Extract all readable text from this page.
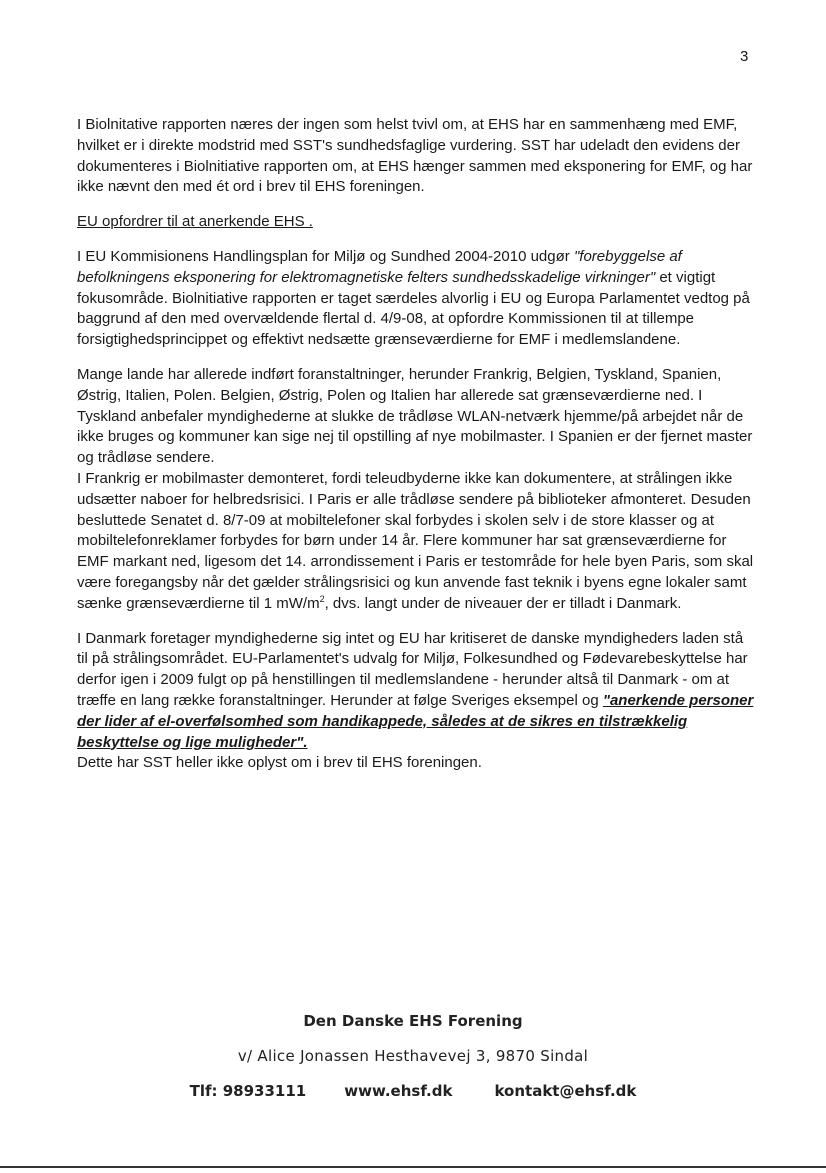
3

I Biolnitative rapporten næres der ingen som helst tvivl om, at EHS har en sammenhæng med EMF, hvilket er i direkte modstrid med SST's sundhedsfaglige vurdering. SST har udeladt den evidens der dokumenteres i Biolnitiative rapporten om, at EHS hænger sammen med eksponering for EMF, og har ikke nævnt den med ét ord i brev til EHS foreningen.

EU opfordrer til at anerkende EHS .

I EU Kommisionens Handlingsplan for Miljø og Sundhed 2004-2010 udgør "forebyggelse af befolkningens eksponering for elektromagnetiske felters sundhedsskadelige virkninger" et vigtigt fokusområde. Biolnitiative rapporten er taget særdeles alvorlig i EU og Europa Parlamentet vedtog på baggrund af den med overvældende flertal d. 4/9-08, at opfordre Kommissionen til at tillempe forsigtighedsprincippet og effektivt nedsætte grænseværdierne for EMF i medlemslandene.

Mange lande har allerede indført foranstaltninger, herunder Frankrig, Belgien, Tyskland, Spanien, Østrig, Italien, Polen. Belgien, Østrig, Polen og Italien har allerede sat grænseværdierne ned. I Tyskland anbefaler myndighederne at slukke de trådløse WLAN-netværk hjemme/på arbejdet når de ikke bruges og kommuner kan sige nej til opstilling af nye mobilmaster. I Spanien er der fjernet master og trådløse sendere.

I Frankrig er mobilmaster demonteret, fordi teleudbyderne ikke kan dokumentere, at strålingen ikke udsætter naboer for helbredsrisici. I Paris er alle trådløse sendere på biblioteker afmonteret. Desuden besluttede Senatet d. 8/7-09 at mobiltelefoner skal forbydes i skolen selv i de store klasser og at mobiltelefonreklamer forbydes for børn under 14 år. Flere kommuner har sat grænseværdierne for EMF markant ned, ligesom det 14. arrondissement i Paris er testområde for hele byen Paris, som skal være foregangsby når det gælder strålingsrisici og kun anvende fast teknik i byens egne lokaler samt sænke grænseværdierne til 1 $mW/m^2$, dvs. langt under de niveauer der er tilladt i Danmark.

I Danmark foretager myndighederne sig intet og EU har kritiseret de danske myndigheders laden stå til på strålingsområdet. EU-Parlamentet's udvalg for Miljø, Folkesundhed og Fødevarebeskyttelse har derfor igen i 2009 fulgt op på henstillingen til medlemslandene - herunder altså til Danmark - om at træffe en lang række foranstaltninger. Herunder at følge Sveriges eksempel og "anerkende personer der lider af el-overfølsomhed som handikappede, således at de sikres en tilstrækkelig beskyttelse og lige muligheder".
Dette har SST heller ikke oplyst om i brev til EHS foreningen.

Den Danske EHS Forening
v/ Alice Jonassen Hesthavevej 3, 9870 Sindal
Tlf: 98933111	www.ehsf.dk	kontakt@ehsf.dk
